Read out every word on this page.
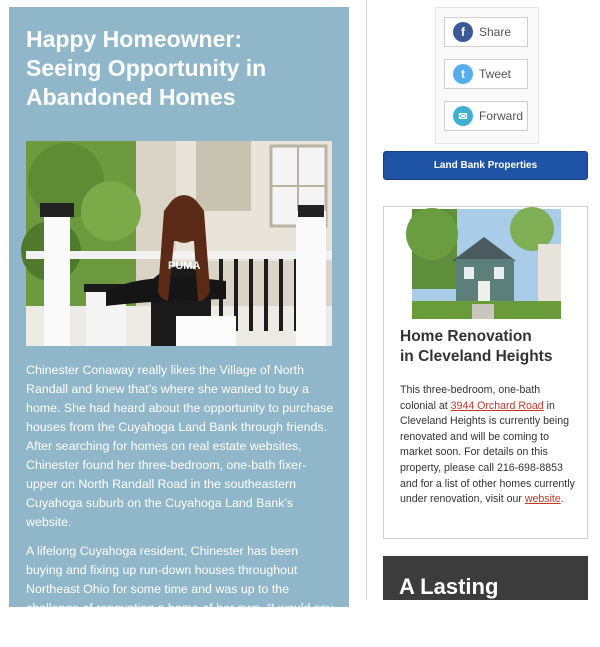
Happy Homeowner:
Seeing Opportunity in
Abandoned Homes
PUMA

Chinester Conaway really likes the Village of North Randall and knew that’s where she wanted to buy a home. She had heard about the opportunity to purchase houses from the Cuyahoga Land Bank through friends. After searching for homes on real estate websites, Chinester found her three-bedroom, one-bath fixer-upper on North Randall Road in the southeastern Cuyahoga suburb on the Cuyahoga Land Bank’s website.

A lifelong Cuyahoga resident, Chinester has been buying and fixing up run-down houses throughout Northeast Ohio for some time and was up to the challenge of renovating a home of her own. “I would say the condition of the house

f	Share
t	Tweet
✉ Forward
Land Bank Properties
Home Renovation
in Cleveland Heights
This three-bedroom, one-bath colonial at 3944 Orchard Road in Cleveland Heights is currently being renovated and will be coming to market soon. For details on this property, please call 216-698-8853 and for a list of other homes currently under renovation, visit our website.
A Lasting
